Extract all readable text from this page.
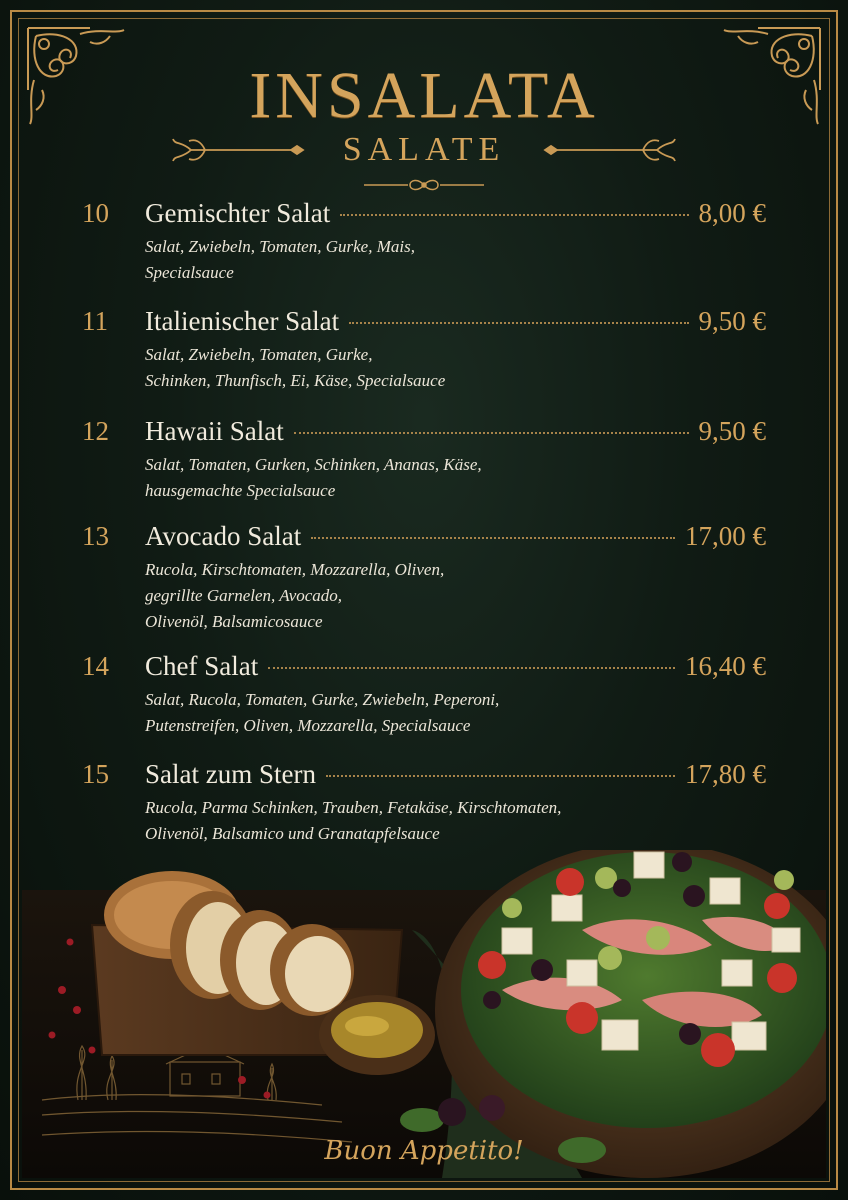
INSALATA
SALATE
10	Gemischter Salat	8,00 €
Salat, Zwiebeln, Tomaten, Gurke, Mais,
Specialsauce
11	Italienischer Salat	9,50 €
Salat, Zwiebeln, Tomaten, Gurke,
Schinken, Thunfisch, Ei, Käse, Specialsauce
12	Hawaii Salat	9,50 €
Salat, Tomaten, Gurken, Schinken, Ananas, Käse,
hausgemachte Specialsauce
13	Avocado Salat	17,00 €
Rucola, Kirschtomaten, Mozzarella, Oliven,
gegrillte Garnelen, Avocado,
Olivenöl, Balsamicosauce
14	Chef Salat	16,40 €
Salat, Rucola, Tomaten, Gurke, Zwiebeln, Peperoni,
Putenstreifen, Oliven, Mozzarella, Specialsauce
15	Salat zum Stern	17,80 €
Rucola, Parma Schinken, Trauben, Fetakäse, Kirschtomaten,
Olivenöl, Balsamico und Granatapfelsauce
Buon Appetito!
